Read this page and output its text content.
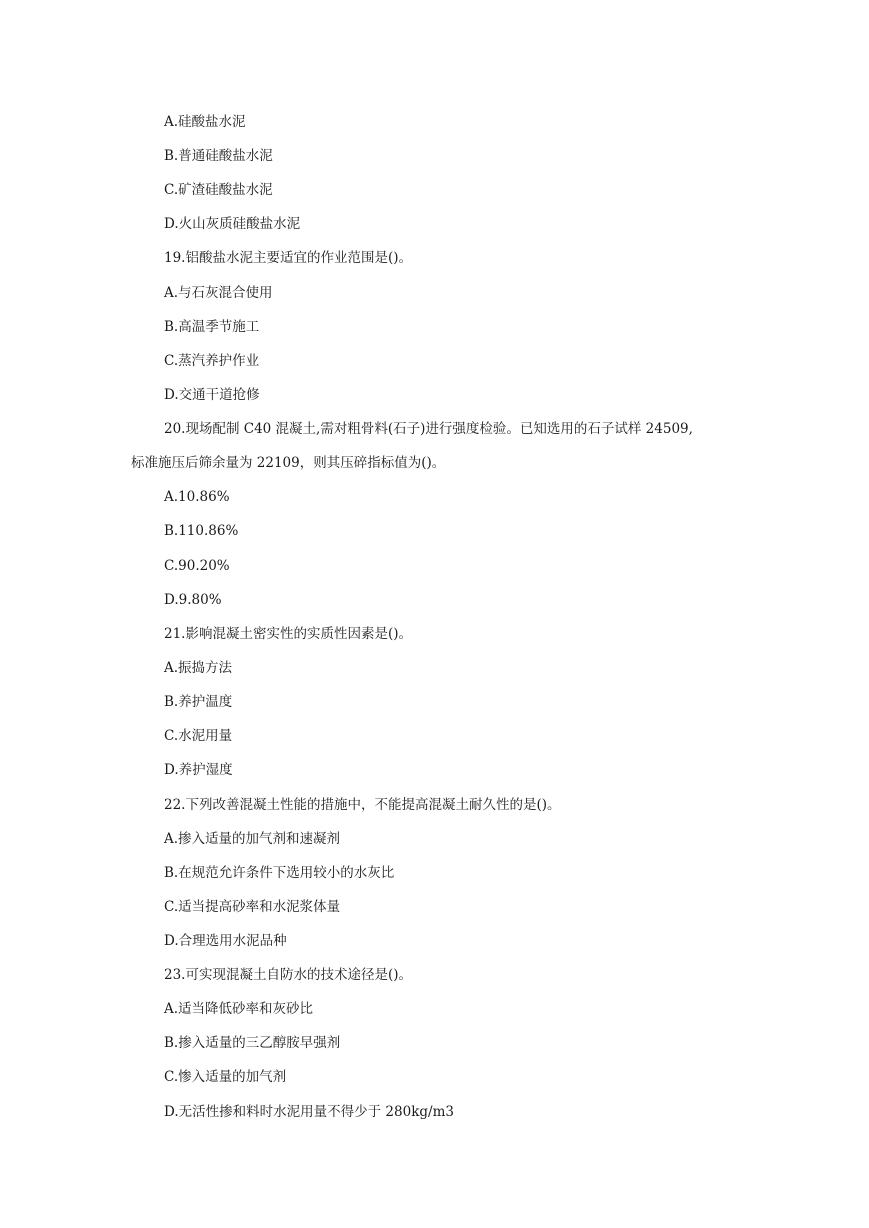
A.硅酸盐水泥
B.普通硅酸盐水泥
C.矿渣硅酸盐水泥
D.火山灰质硅酸盐水泥
19.铝酸盐水泥主要适宜的作业范围是()。
A.与石灰混合使用
B.高温季节施工
C.蒸汽养护作业
D.交通干道抢修
20.现场配制 C40 混凝土,需对粗骨料(石子)进行强度检验。已知选用的石子试样 24509,
标准施压后筛余量为 22109，则其压碎指标值为()。
A.10.86%
B.110.86%
C.90.20%
D.9.80%
21.影响混凝土密实性的实质性因素是()。
A.振捣方法
B.养护温度
C.水泥用量
D.养护湿度
22.下列改善混凝土性能的措施中，不能提高混凝土耐久性的是()。
A.掺入适量的加气剂和速凝剂
B.在规范允许条件下选用较小的水灰比
C.适当提高砂率和水泥浆体量
D.合理选用水泥品种
23.可实现混凝土自防水的技术途径是()。
A.适当降低砂率和灰砂比
B.掺入适量的三乙醇胺早强剂
C.惨入适量的加气剂
D.无活性掺和料时水泥用量不得少于 280kg/m3
